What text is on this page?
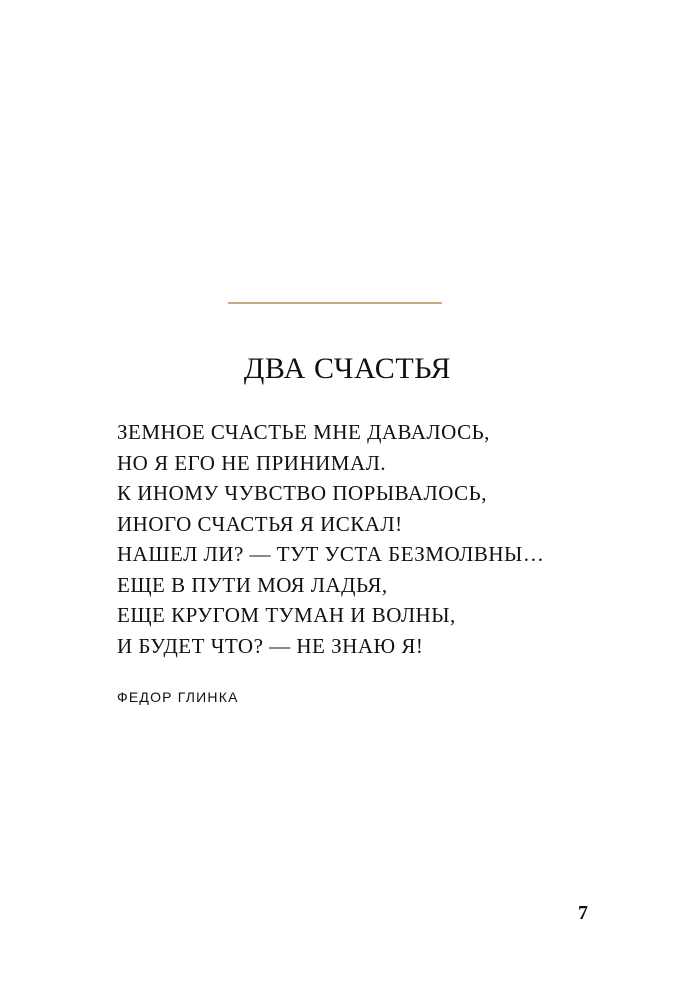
ДВА СЧАСТЬЯ
ЗЕМНОЕ СЧАСТЬЕ МНЕ ДАВАЛОСЬ,
НО Я ЕГО НЕ ПРИНИМАЛ.
К ИНОМУ ЧУВСТВО ПОРЫВАЛОСЬ,
ИНОГО СЧАСТЬЯ Я ИСКАЛ!
НАШЕЛ ЛИ? — ТУТ УСТА БЕЗМОЛВНЫ…
ЕЩЕ В ПУТИ МОЯ ЛАДЬЯ,
ЕЩЕ КРУГОМ ТУМАН И ВОЛНЫ,
И БУДЕТ ЧТО? — НЕ ЗНАЮ Я!
ФЕДОР ГЛИНКА
7
